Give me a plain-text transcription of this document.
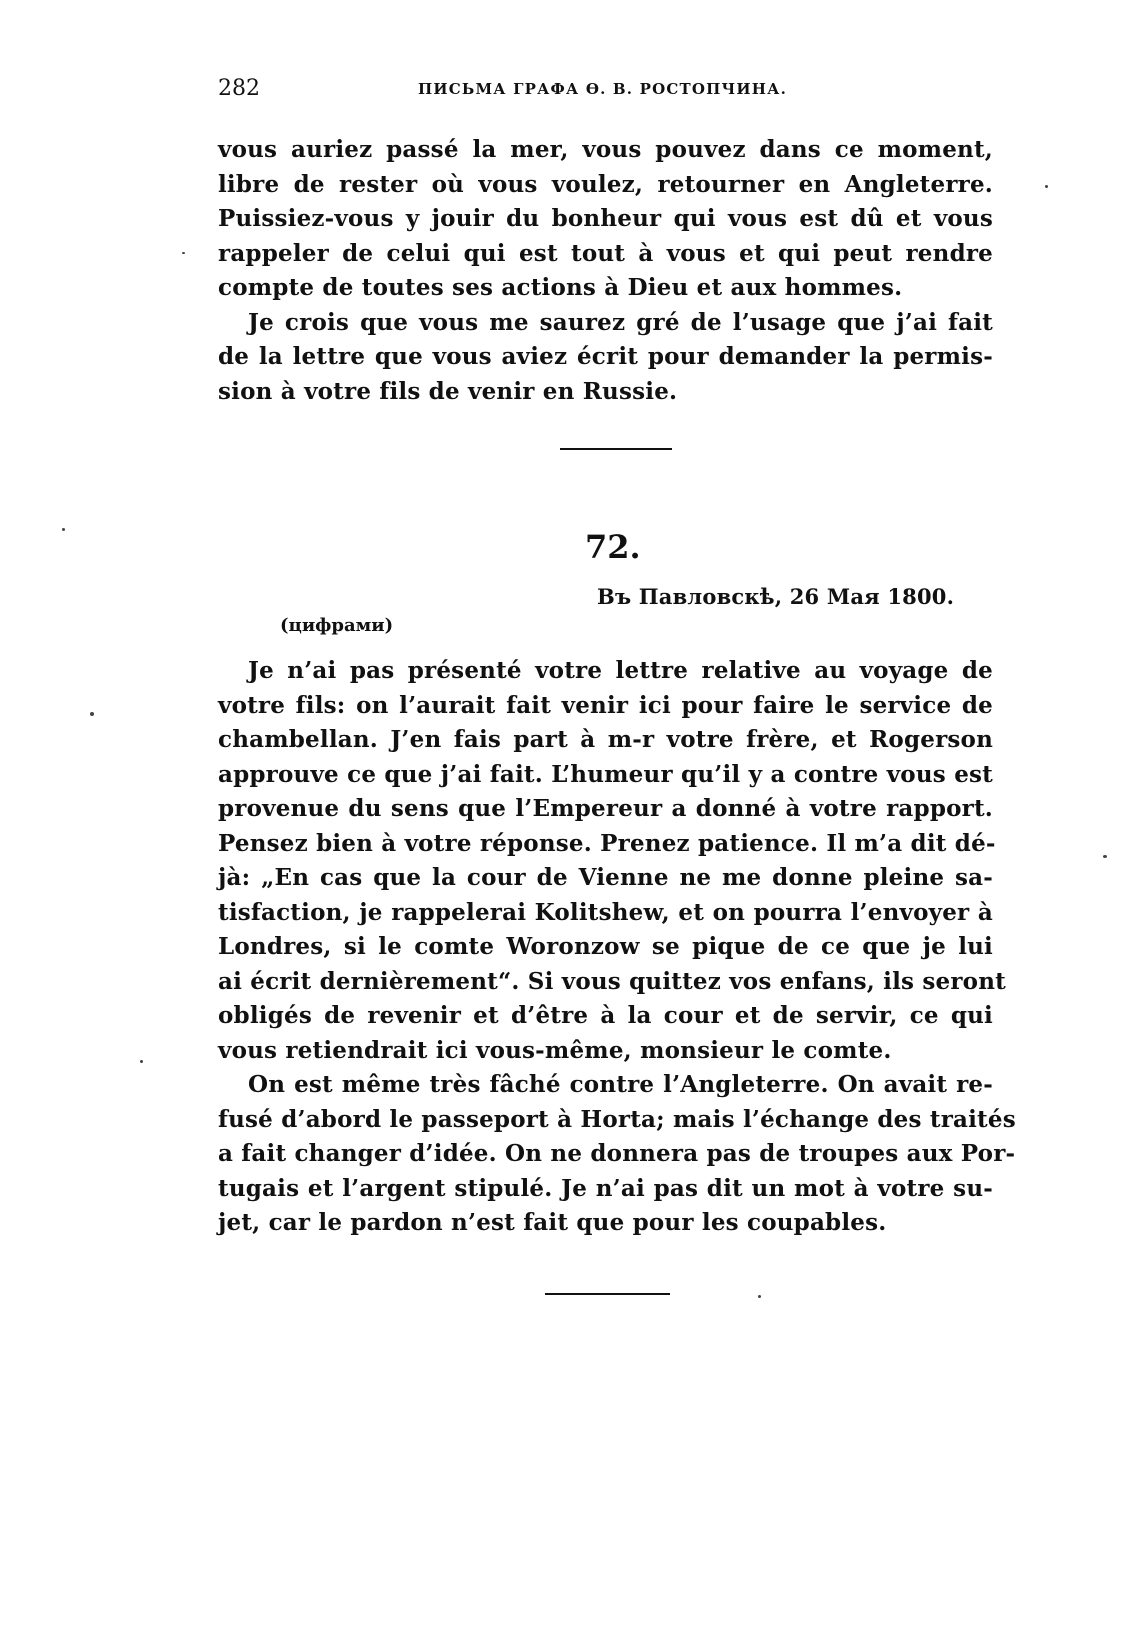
282	ПИСЬМА ГРАФА Ѳ. В. РОСТОПЧИНА.
vous auriez passé la mer, vous pouvez dans ce moment,
libre de rester où vous voulez, retourner en Angleterre.
Puissiez-vous y jouir du bonheur qui vous est dû et vous
rappeler de celui qui est tout à vous et qui peut rendre
compte de toutes ses actions à Dieu et aux hommes.
Je crois que vous me saurez gré de l’usage que j’ai fait
de la lettre que vous aviez écrit pour demander la permis-
sion à votre fils de venir en Russie.
72.
Въ Павловскѣ, 26 Мая 1800.
(цифрами)
Je n’ai pas présenté votre lettre relative au voyage de
votre fils: on l’aurait fait venir ici pour faire le service de
chambellan. J’en fais part à m-r votre frère, et Rogerson
approuve ce que j’ai fait. L’humeur qu’il y a contre vous est
provenue du sens que l’Empereur a donné à votre rapport.
Pensez bien à votre réponse. Prenez patience. Il m’a dit dé-
jà: „En cas que la cour de Vienne ne me donne pleine sa-
tisfaction, je rappelerai Kolitshew, et on pourra l’envoyer à
Londres, si le comte Woronzow se pique de ce que je lui
ai écrit dernièrement“. Si vous quittez vos enfans, ils seront
obligés de revenir et d’être à la cour et de servir, ce qui
vous retiendrait ici vous-même, monsieur le comte.
On est même très fâché contre l’Angleterre. On avait re-
fusé d’abord le passeport à Horta; mais l’échange des traités
a fait changer d’idée. On ne donnera pas de troupes aux Por-
tugais et l’argent stipulé. Je n’ai pas dit un mot à votre su-
jet, car le pardon n’est fait que pour les coupables.
